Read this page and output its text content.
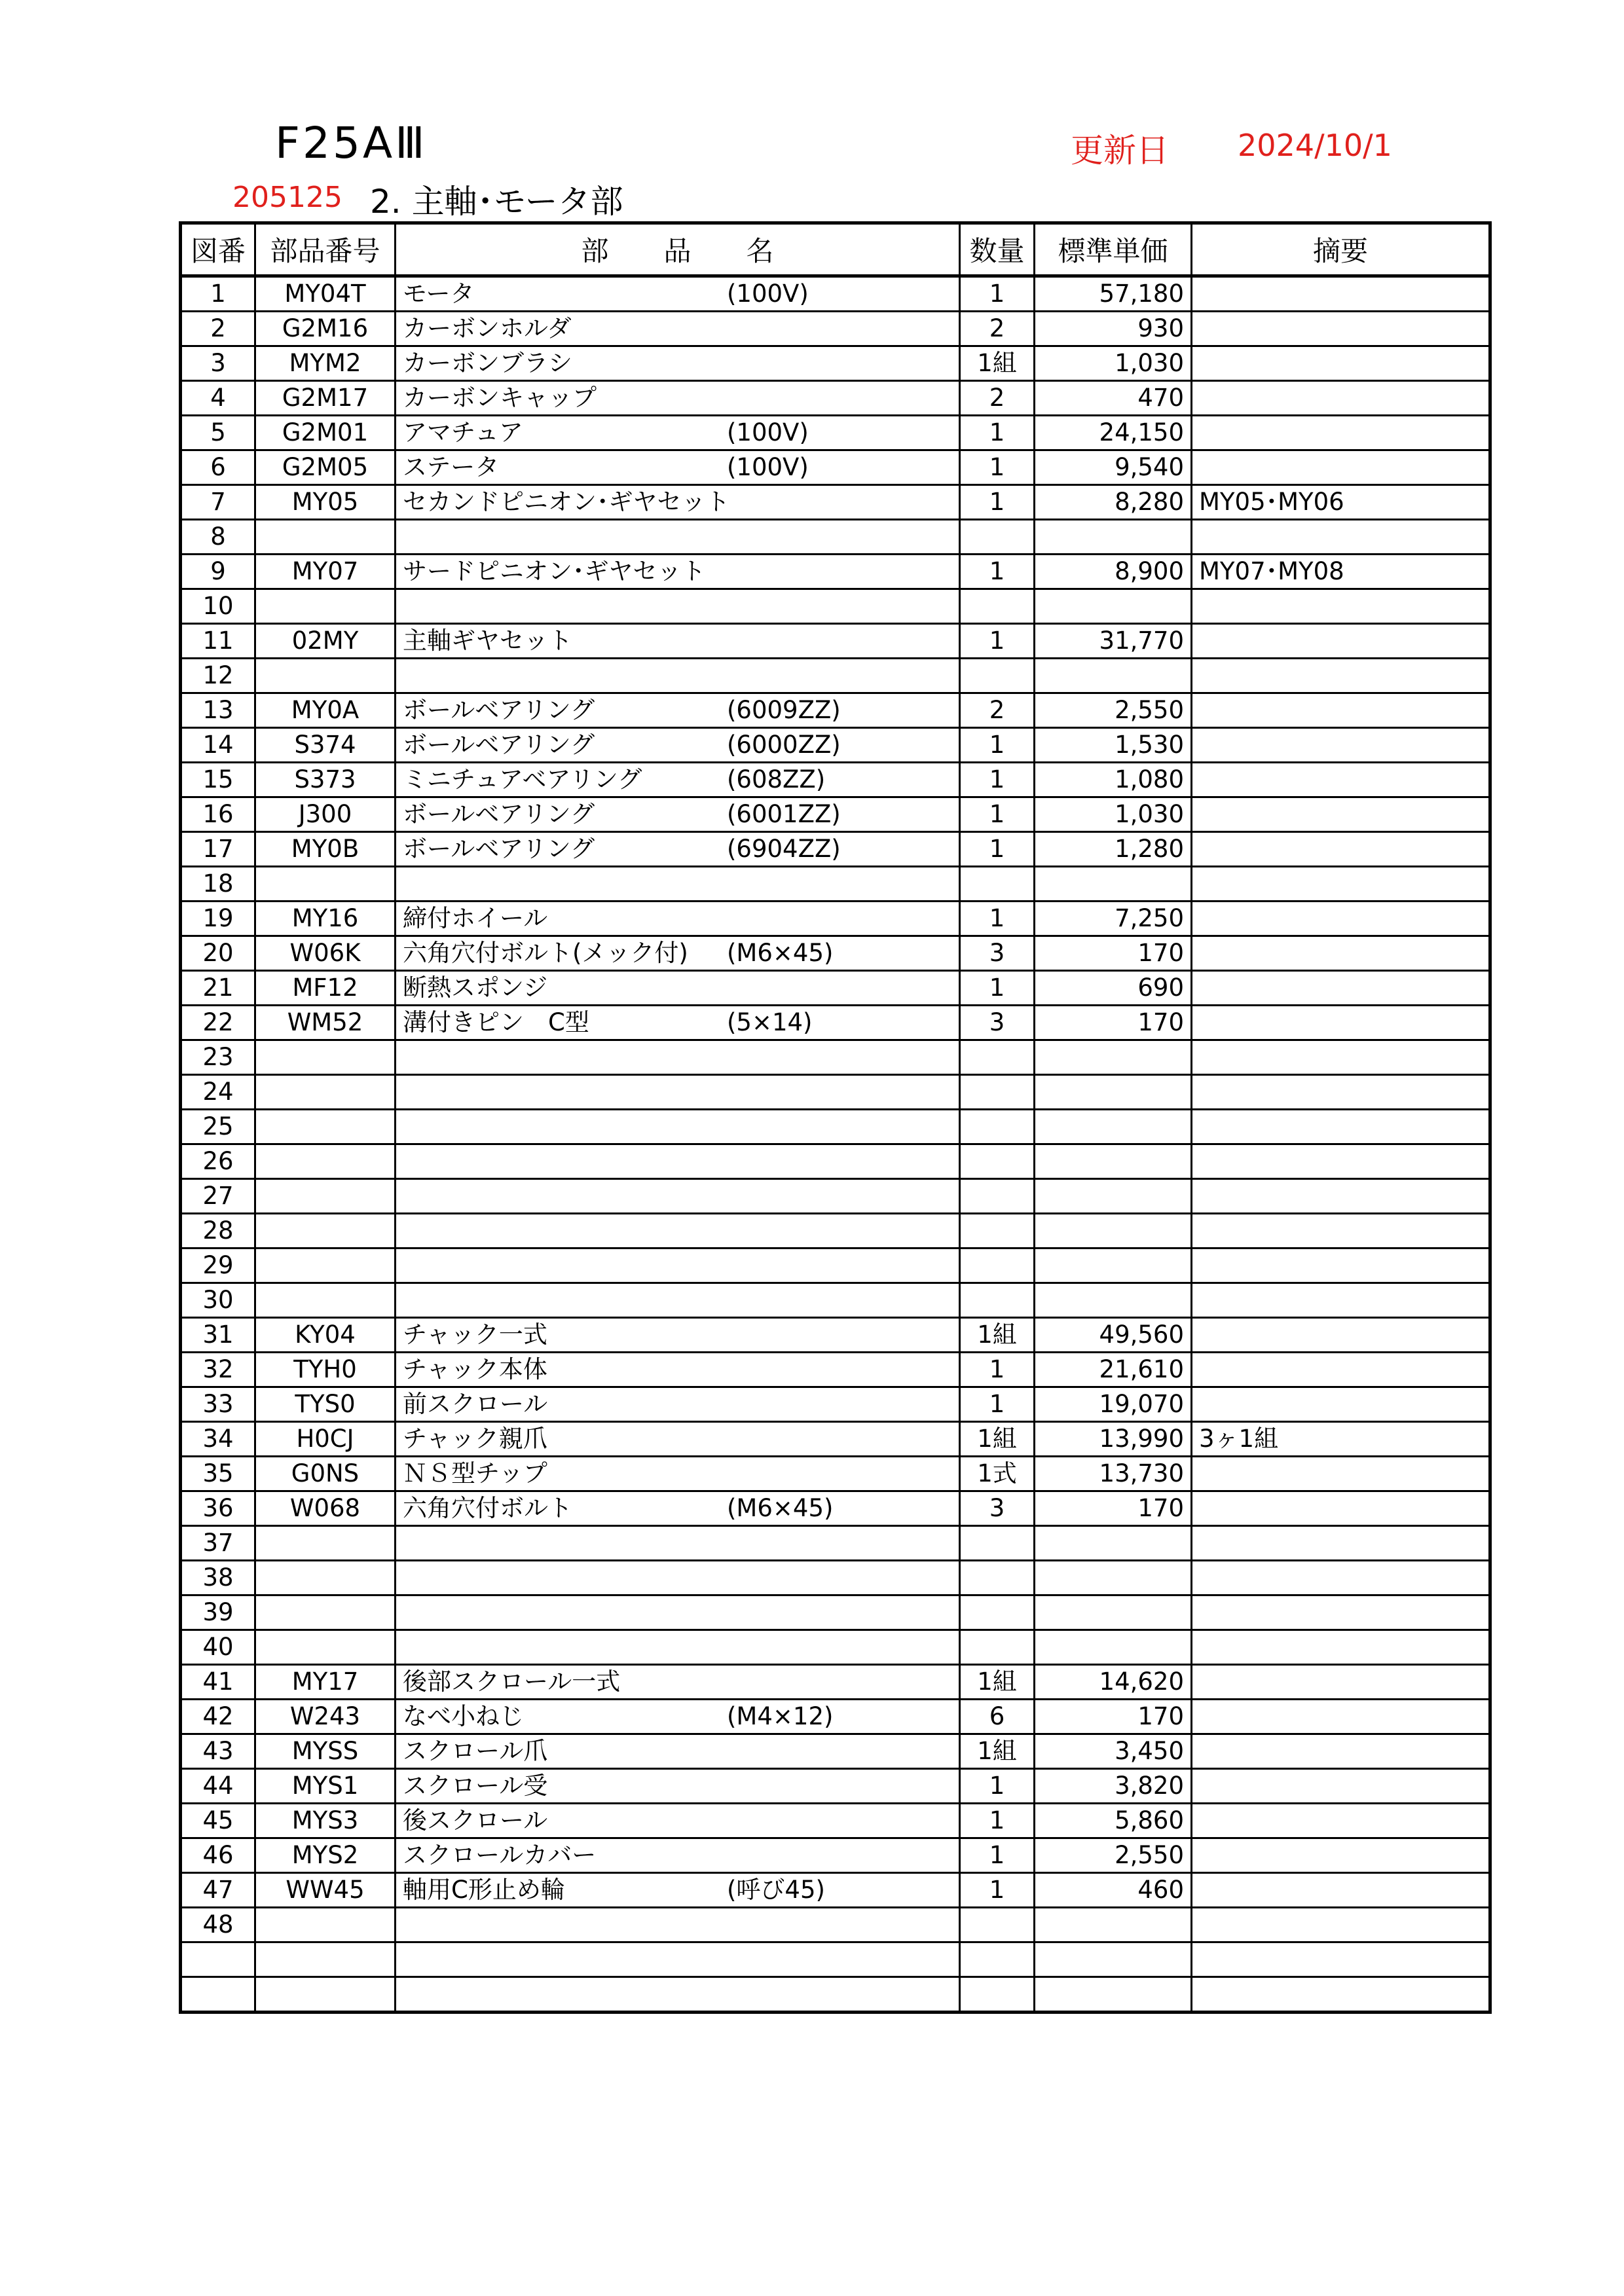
F25AⅢ	更新日 2024/10/1
205125 2. 主軸･モータ部
図番	部品番号	部　　品　　名	数量	標準単価	摘要
1	MY04T	モータ (100V)	1	57,180	
2	G2M16	カーボンホルダ	2	930	
3	MYM2	カーボンブラシ	1組	1,030	
4	G2M17	カーボンキャップ	2	470	
5	G2M01	アマチュア (100V)	1	24,150	
6	G2M05	ステータ (100V)	1	9,540	
7	MY05	セカンドピニオン･ギヤセット	1	8,280	MY05･MY06
8					
9	MY07	サードピニオン･ギヤセット	1	8,900	MY07･MY08
10					
11	02MY	主軸ギヤセット	1	31,770	
12					
13	MY0A	ボールベアリング (6009ZZ)	2	2,550	
14	S374	ボールベアリング (6000ZZ)	1	1,530	
15	S373	ミニチュアベアリング (608ZZ)	1	1,080	
16	J300	ボールベアリング (6001ZZ)	1	1,030	
17	MY0B	ボールベアリング (6904ZZ)	1	1,280	
18					
19	MY16	締付ホイール	1	7,250	
20	W06K	六角穴付ボルト(メック付) (M6×45)	3	170	
21	MF12	断熱スポンジ	1	690	
22	WM52	溝付きピン　C型 (5×14)	3	170	
23					
24					
25					
26					
27					
28					
29					
30					
31	KY04	チャック一式	1組	49,560	
32	TYH0	チャック本体	1	21,610	
33	TYS0	前スクロール	1	19,070	
34	H0CJ	チャック親爪	1組	13,990	3ヶ1組
35	G0NS	ＮＳ型チップ	1式	13,730	
36	W068	六角穴付ボルト (M6×45)	3	170	
37					
38					
39					
40					
41	MY17	後部スクロール一式	1組	14,620	
42	W243	なべ小ねじ (M4×12)	6	170	
43	MYSS	スクロール爪	1組	3,450	
44	MYS1	スクロール受	1	3,820	
45	MYS3	後スクロール	1	5,860	
46	MYS2	スクロールカバー	1	2,550	
47	WW45	軸用C形止め輪 (呼び45)	1	460	
48					
